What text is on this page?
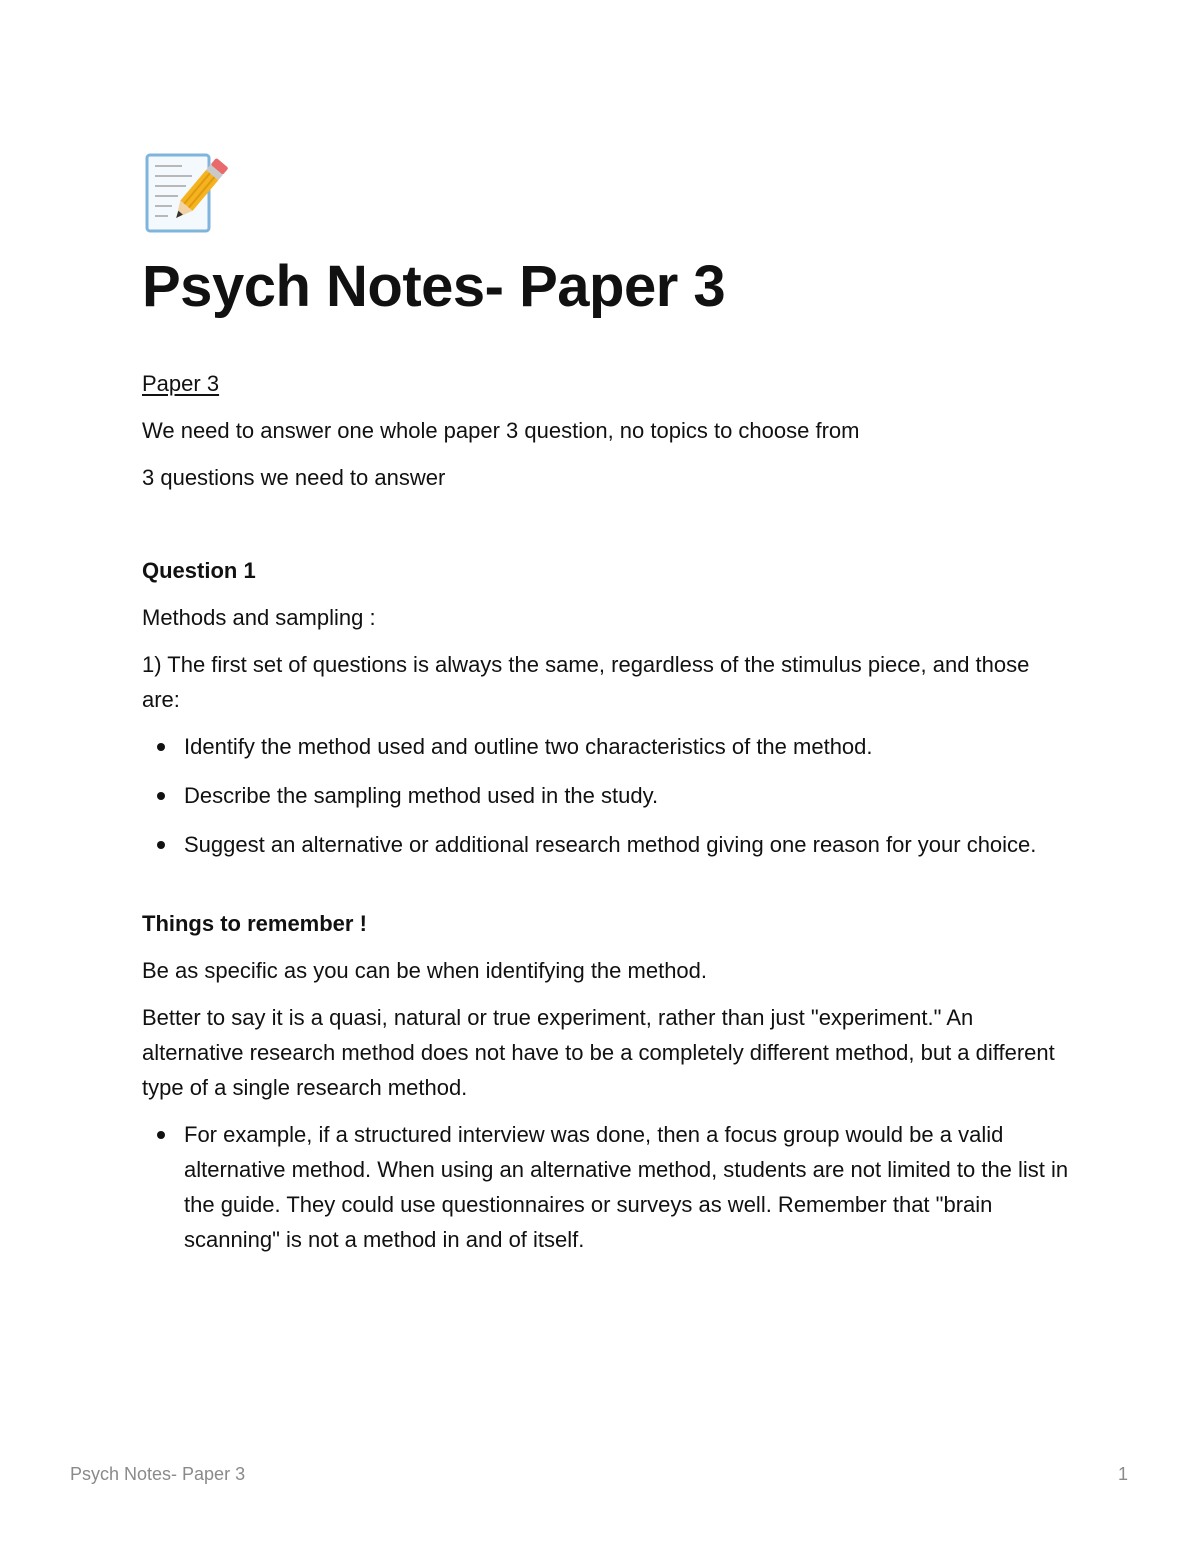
Psych Notes- Paper 3

Paper 3

We need to answer one whole paper 3 question, no topics to choose from

3 questions we need to answer

Question 1

Methods and sampling :

1) The first set of questions is always the same, regardless of the stimulus piece, and those are:

Identify the method used and outline two characteristics of the method.
Describe the sampling method used in the study.
Suggest an alternative or additional research method giving one reason for your choice.

Things to remember !

Be as specific as you can be when identifying the method.

Better to say it is a quasi, natural or true experiment, rather than just "experiment." An alternative research method does not have to be a completely different method, but a different type of a single research method.

For example, if a structured interview was done, then a focus group would be a valid alternative method. When using an alternative method, students are not limited to the list in the guide. They could use questionnaires or surveys as well. Remember that "brain scanning" is not a method in and of itself.
Psych Notes- Paper 3	1
